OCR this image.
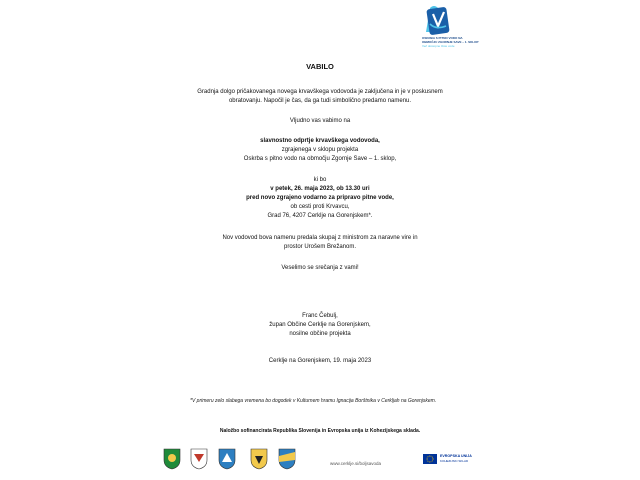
OSKRBA S PITNO VODO NA
OBMOČJU ZGORNJE SAVE – 1. SKLOP
Več dostopne čiste vode
VABILO
Gradnja dolgo pričakovanega novega krvavškega vodovoda je zaključena in je v poskusnem
obratovanju. Napočil je čas, da ga tudi simbolično predamo namenu.
Vljudno vas vabimo na
slavnostno odprtje krvavškega vodovoda,
zgrajenega v sklopu projekta
Oskrba s pitno vodo na območju Zgornje Save – 1. sklop,
ki bo
v petek, 26. maja 2023, ob 13.30 uri
pred novo zgrajeno vodarno za pripravo pitne vode,
ob cesti proti Krvavcu,
Grad 76, 4207 Cerklje na Gorenjskem*.
Nov vodovod bova namenu predala skupaj z ministrom za naravne vire in
prostor Urošem Brežanom.
Veselimo se srečanja z vami!
Franc Čebulj,
župan Občine Cerklje na Gorenjskem,
nosilne občine projekta
Cerklje na Gorenjskem, 19. maja 2023
*V primeru zelo slabega vremena bo dogodek v Kulturnem hramu Ignacija Borštnika v Cerkljah na Gorenjskem.
Naložbo sofinancirata Republika Slovenija in Evropska unija iz Kohezijskega sklada.
www.cerklje.si/boljsavoda
EVROPSKA UNIJA
KOHEZIJSKI SKLAD
